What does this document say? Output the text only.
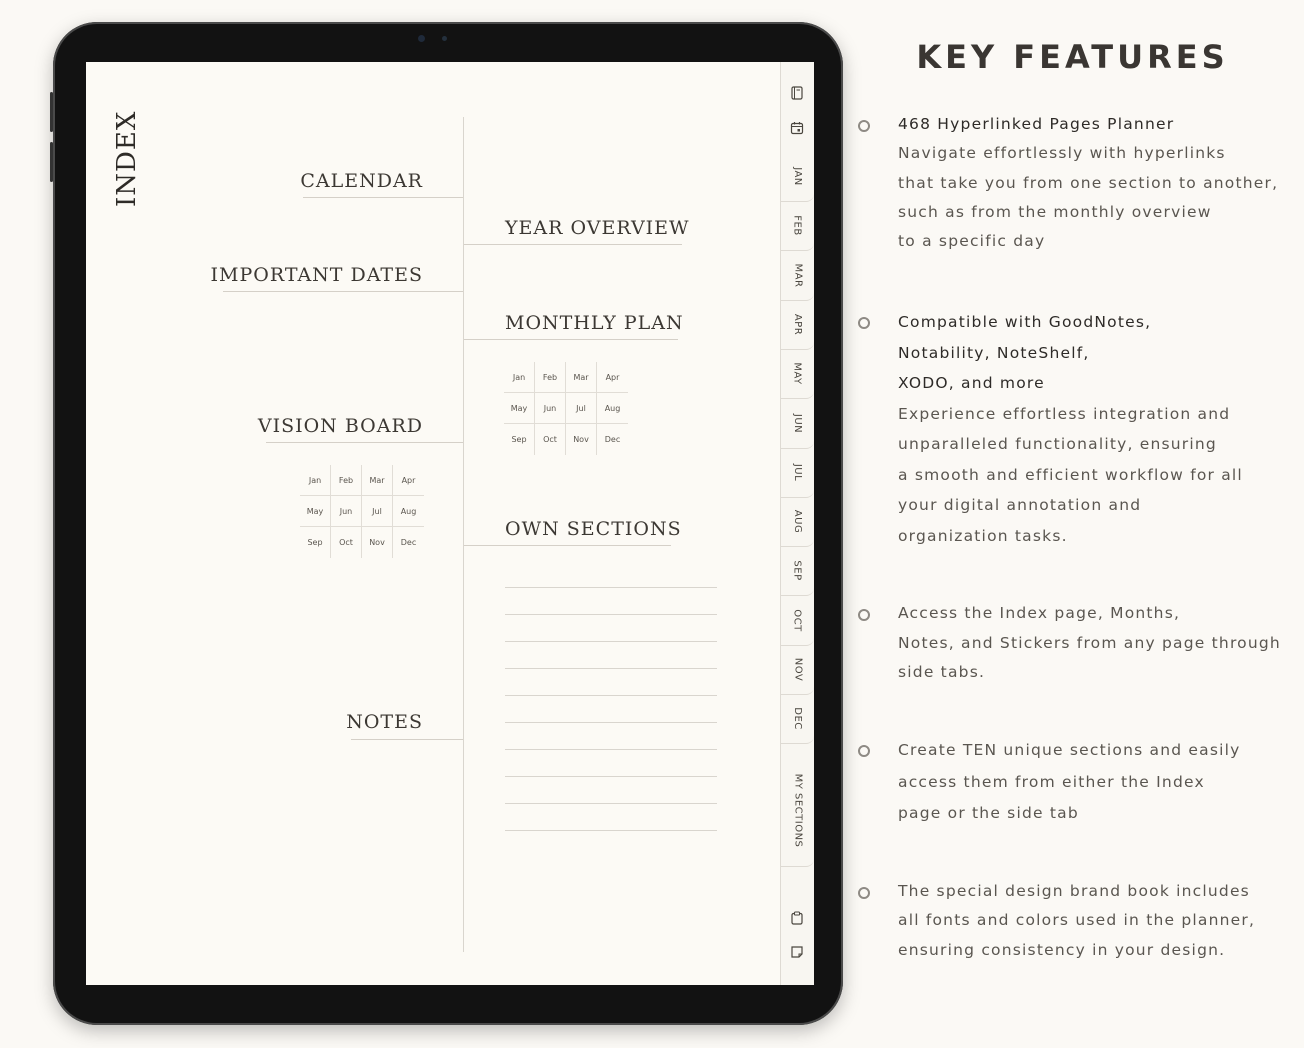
INDEX	CALENDAR
IMPORTANT DATES
VISION BOARD
Jan	Feb	Mar	Apr
May	Jun	Jul	Aug
Sep	Oct	Nov	Dec
NOTES
YEAR OVERVIEW
MONTHLY PLAN
Jan	Feb	Mar	Apr
May	Jun	Jul	Aug
Sep	Oct	Nov	Dec
OWN SECTIONS
JAN
FEB
MAR
APR
MAY
JUN
JUL
AUG
SEP
OCT
NOV
DEC
MY SECTIONS
KEY FEATURES
468 Hyperlinked Pages Planner
Navigate effortlessly with hyperlinks
that take you from one section to another,
such as from the monthly overview
to a specific day
Compatible with GoodNotes,
Notability, NoteShelf,
XODO, and more
Experience effortless integration and
unparalleled functionality, ensuring
a smooth and efficient workflow for all
your digital annotation and
organization tasks.
Access the Index page, Months,
Notes, and Stickers from any page through
side tabs.
Create TEN unique sections and easily
access them from either the Index
page or the side tab
The special design brand book includes
all fonts and colors used in the planner,
ensuring consistency in your design.
